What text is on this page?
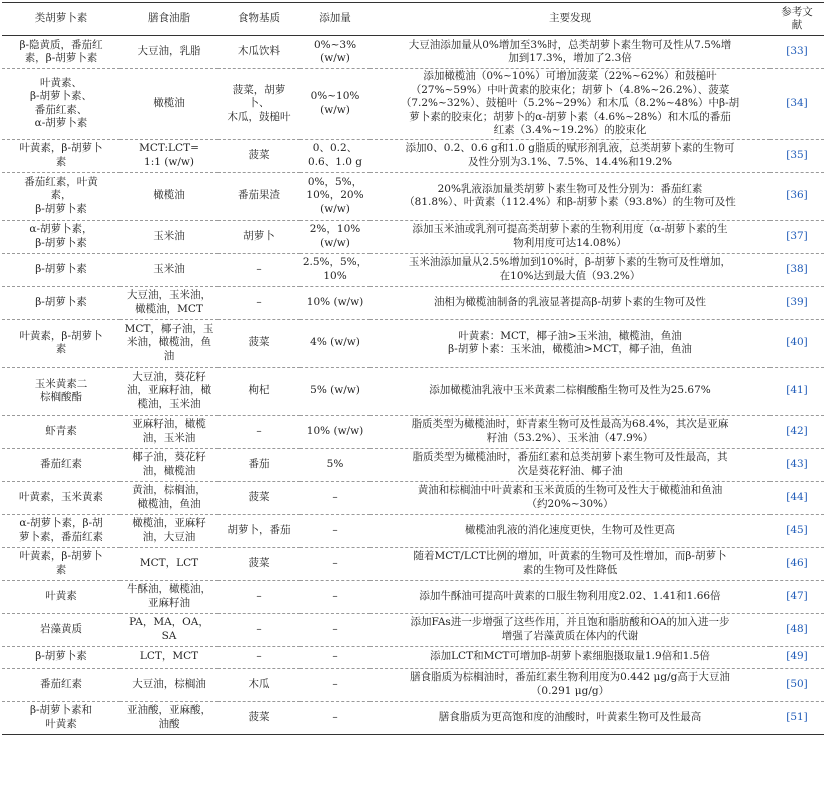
类胡萝卜素	膳食油脂	食物基质	添加量	主要发现	参考文
献
β-隐黄质，番茄红
素，β-胡萝卜素	大豆油，乳脂	木瓜饮料	0%~3%
(w/w)	大豆油添加量从0%增加至3%时，总类胡萝卜素生物可及性从7.5%增
加到17.3%，增加了2.3倍	[33]
叶黄素、
β-胡萝卜素、
番茄红素、
α-胡萝卜素	橄榄油	菠菜，胡萝
卜、
木瓜，鼓槌叶	0%~10%
(w/w)	添加橄榄油（0%~10%）可增加菠菜（22%~62%）和鼓槌叶
（27%~59%）中叶黄素的胶束化；胡萝卜（4.8%~26.2%）、菠菜
（7.2%~32%）、鼓槌叶（5.2%~29%）和木瓜（8.2%~48%）中β-胡
萝卜素的胶束化；胡萝卜的α-胡萝卜素（4.6%~28%）和木瓜的番茄
红素（3.4%~19.2%）的胶束化	[34]
叶黄素，β-胡萝卜
素	MCT:LCT=
1:1 (w/w)	菠菜	0、0.2、
0.6、1.0 g	添加0、0.2、0.6 g和1.0 g脂质的赋形剂乳液，总类胡萝卜素的生物可
及性分别为3.1%、7.5%、14.4%和19.2%	[35]
番茄红素，叶黄
素，
β-胡萝卜素	橄榄油	番茄果渣	0%，5%，
10%，20%
(w/w)	20%乳液添加量类胡萝卜素生物可及性分别为：番茄红素
（81.8%）、叶黄素（112.4%）和β-胡萝卜素（93.8%）的生物可及性	[36]
α-胡萝卜素，
β-胡萝卜素	玉米油	胡萝卜	2%，10%
(w/w)	添加玉米油或乳剂可提高类胡萝卜素的生物利用度（α-胡萝卜素的生
物利用度可达14.08%）	[37]
β-胡萝卜素	玉米油	–	2.5%，5%，
10%	玉米油添加量从2.5%增加到10%时，β-胡萝卜素的生物可及性增加，
在10%达到最大值（93.2%）	[38]
β-胡萝卜素	大豆油，玉米油，
橄榄油，MCT	–	10% (w/w)	油相为橄榄油制备的乳液显著提高β-胡萝卜素的生物可及性	[39]
叶黄素，β-胡萝卜
素	MCT，椰子油，玉
米油，橄榄油，鱼
油	菠菜	4% (w/w)	叶黄素：MCT，椰子油>玉米油，橄榄油，鱼油
β-胡萝卜素：玉米油，橄榄油>MCT，椰子油，鱼油	[40]
玉米黄素二
棕榈酸酯	大豆油，葵花籽
油，亚麻籽油，橄
榄油，玉米油	枸杞	5% (w/w)	添加橄榄油乳液中玉米黄素二棕榈酸酯生物可及性为25.67%	[41]
虾青素	亚麻籽油，橄榄
油，玉米油	–	10% (w/w)	脂质类型为橄榄油时，虾青素生物可及性最高为68.4%，其次是亚麻
籽油（53.2%）、玉米油（47.9%）	[42]
番茄红素	椰子油，葵花籽
油，橄榄油	番茄	5%	脂质类型为橄榄油时，番茄红素和总类胡萝卜素生物可及性最高，其
次是葵花籽油、椰子油	[43]
叶黄素，玉米黄素	黄油，棕榈油，
橄榄油，鱼油	菠菜	–	黄油和棕榈油中叶黄素和玉米黄质的生物可及性大于橄榄油和鱼油
（约20%~30%）	[44]
α-胡萝卜素，β-胡
萝卜素，番茄红素	橄榄油，亚麻籽
油，大豆油	胡萝卜，番茄	–	橄榄油乳液的消化速度更快，生物可及性更高	[45]
叶黄素，β-胡萝卜
素	MCT，LCT	菠菜	–	随着MCT/LCT比例的增加，叶黄素的生物可及性增加，而β-胡萝卜
素的生物可及性降低	[46]
叶黄素	牛酥油，橄榄油，
亚麻籽油	–	–	添加牛酥油可提高叶黄素的口服生物利用度2.02、1.41和1.66倍	[47]
岩藻黄质	PA，MA，OA，SA	–	–	添加FAs进一步增强了这些作用，并且饱和脂肪酸和OA的加入进一步
增强了岩藻黄质在体内的代谢	[48]
β-胡萝卜素	LCT，MCT	–	–	添加LCT和MCT可增加β-胡萝卜素细胞摄取量1.9倍和1.5倍	[49]
番茄红素	大豆油，棕榈油	木瓜	–	膳食脂质为棕榈油时，番茄红素生物利用度为0.442 μg/g高于大豆油
（0.291 μg/g）	[50]
β-胡萝卜素和
叶黄素	亚油酸，亚麻酸，
油酸	菠菜	–	膳食脂质为更高饱和度的油酸时，叶黄素生物可及性最高	[51]
